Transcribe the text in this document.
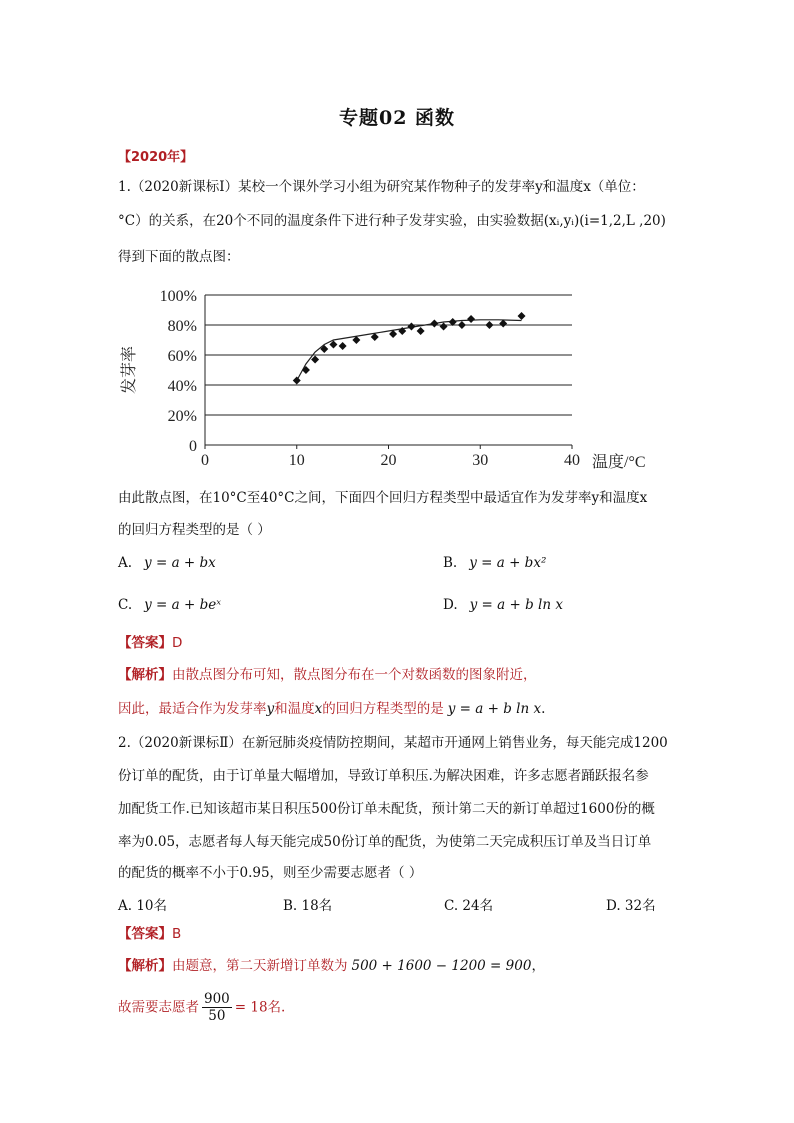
专题02 函数
【2020年】
1.（2020新课标Ⅰ）某校一个课外学习小组为研究某作物种子的发芽率y和温度x（单位：
°C）的关系，在20个不同的温度条件下进行种子发芽实验，由实验数据(xᵢ,yᵢ)(i=1,2,L ,20)
得到下面的散点图：
0
20%
40%
60%
80%
100%
0	10	20	30	40 温度/°C
发芽率
由此散点图，在10°C至40°C之间，下面四个回归方程类型中最适宜作为发芽率y和温度x
的回归方程类型的是（ ）
A. y = a + bx	B. y = a + bx²
C. y = a + beˣ	D. y = a + b ln x
【答案】D
【解析】由散点图分布可知，散点图分布在一个对数函数的图象附近，
因此，最适合作为发芽率y和温度x的回归方程类型的是 y = a + b ln x.
2.（2020新课标Ⅱ）在新冠肺炎疫情防控期间，某超市开通网上销售业务，每天能完成1200
份订单的配货，由于订单量大幅增加，导致订单积压.为解决困难，许多志愿者踊跃报名参
加配货工作.已知该超市某日积压500份订单未配货，预计第二天的新订单超过1600份的概
率为0.05，志愿者每人每天能完成50份订单的配货，为使第二天完成积压订单及当日订单
的配货的概率不小于0.95，则至少需要志愿者（ ）
A. 10名	B. 18名	C. 24名	D. 32名
【答案】B
【解析】由题意，第二天新增订单数为 500 + 1600 − 1200 = 900，
故需要志愿者 $\frac{900}{50} = 18$名.
